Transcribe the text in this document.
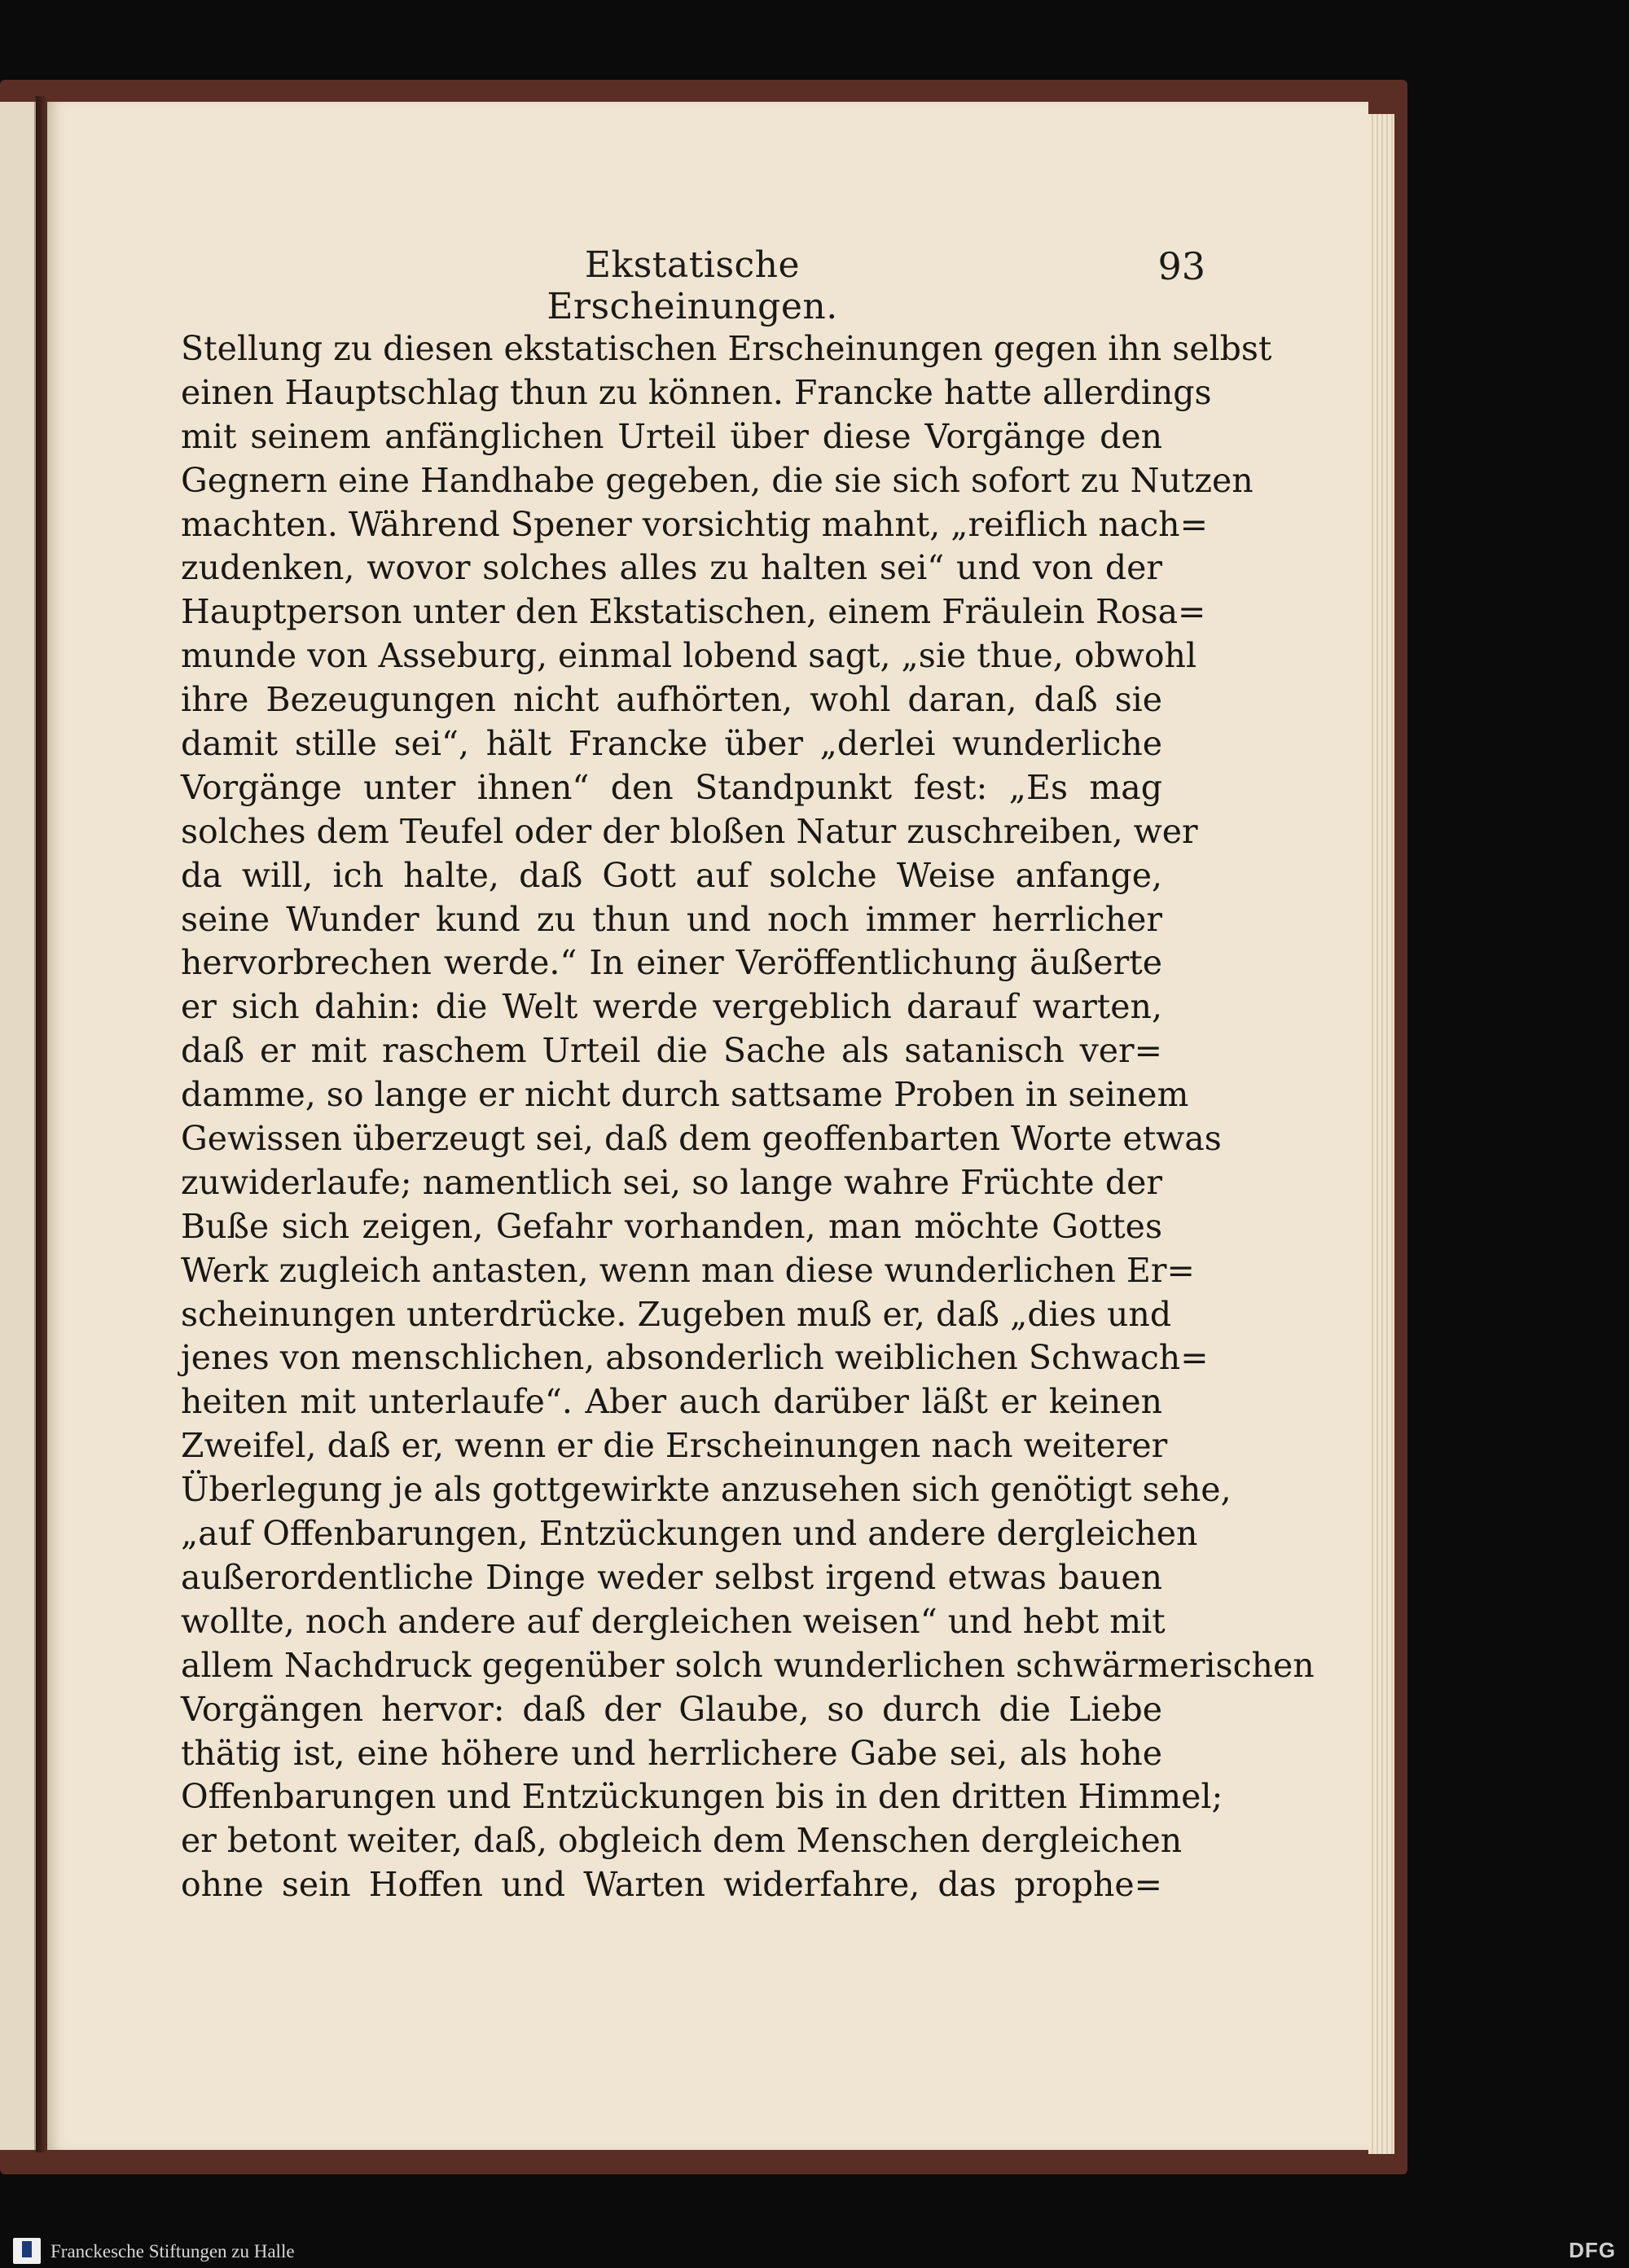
Ekstatische Erscheinungen.
93
Stellung zu diesen ekstatischen Erscheinungen gegen ihn selbst
einen Hauptschlag thun zu können. Francke hatte allerdings
mit seinem anfänglichen Urteil über diese Vorgänge den
Gegnern eine Handhabe gegeben, die sie sich sofort zu Nutzen
machten. Während Spener vorsichtig mahnt, „reiflich nach=
zudenken, wovor solches alles zu halten sei“ und von der
Hauptperson unter den Ekstatischen, einem Fräulein Rosa=
munde von Asseburg, einmal lobend sagt, „sie thue, obwohl
ihre Bezeugungen nicht aufhörten, wohl daran, daß sie
damit stille sei“, hält Francke über „derlei wunderliche
Vorgänge unter ihnen“ den Standpunkt fest: „Es mag
solches dem Teufel oder der bloßen Natur zuschreiben, wer
da will, ich halte, daß Gott auf solche Weise anfange,
seine Wunder kund zu thun und noch immer herrlicher
hervorbrechen werde.“ In einer Veröffentlichung äußerte
er sich dahin: die Welt werde vergeblich darauf warten,
daß er mit raschem Urteil die Sache als satanisch ver=
damme, so lange er nicht durch sattsame Proben in seinem
Gewissen überzeugt sei, daß dem geoffenbarten Worte etwas
zuwiderlaufe; namentlich sei, so lange wahre Früchte der
Buße sich zeigen, Gefahr vorhanden, man möchte Gottes
Werk zugleich antasten, wenn man diese wunderlichen Er=
scheinungen unterdrücke. Zugeben muß er, daß „dies und
jenes von menschlichen, absonderlich weiblichen Schwach=
heiten mit unterlaufe“. Aber auch darüber läßt er keinen
Zweifel, daß er, wenn er die Erscheinungen nach weiterer
Überlegung je als gottgewirkte anzusehen sich genötigt sehe,
„auf Offenbarungen, Entzückungen und andere dergleichen
außerordentliche Dinge weder selbst irgend etwas bauen
wollte, noch andere auf dergleichen weisen“ und hebt mit
allem Nachdruck gegenüber solch wunderlichen schwärmerischen
Vorgängen hervor: daß der Glaube, so durch die Liebe
thätig ist, eine höhere und herrlichere Gabe sei, als hohe
Offenbarungen und Entzückungen bis in den dritten Himmel;
er betont weiter, daß, obgleich dem Menschen dergleichen
ohne sein Hoffen und Warten widerfahre, das prophe=
Franckesche Stiftungen zu Halle	DFG
